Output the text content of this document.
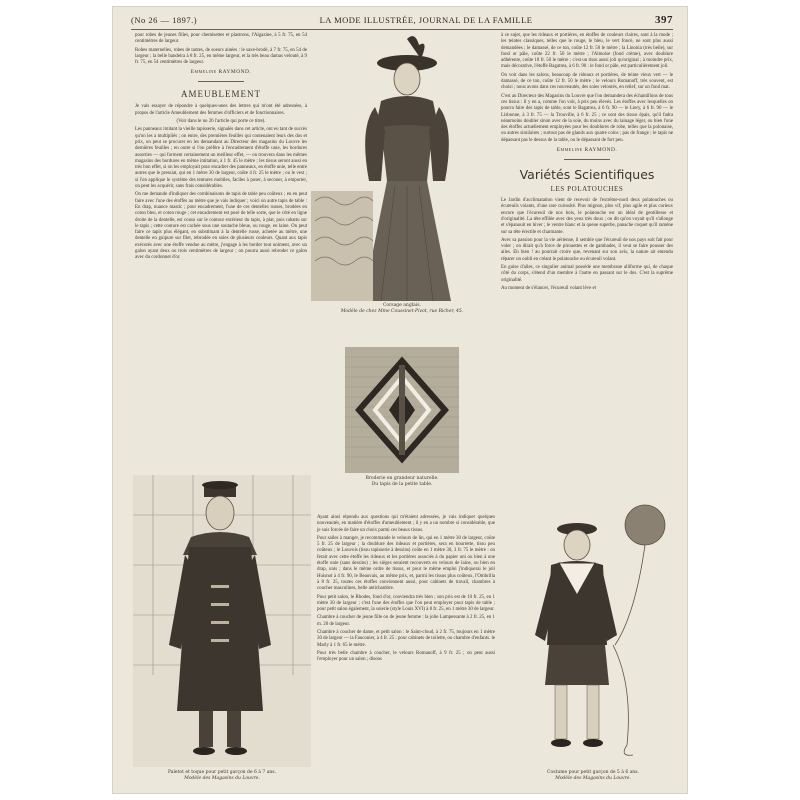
(No 26 — 1897.)	LA MODE ILLUSTRÉE, JOURNAL DE LA FAMILLE	397

pour robes de jeunes filles, pour chemisettes et plastrons, l'Algazine, à 5 fr. 75, en 54 centimètres de largeur.

Robes maternelles, robes de tantes, de soeurs ainées : le saxe-brodé, à 7 fr. 75, en 54 de largeur ; la belle bandeira à 8 fr. 25, en même largeur, et la très beau damas velouté, à 9 fr. 75, en 54 centimètres de largeur.

Emmeline RAYMOND.
AMEUBLEMENT

Je vais essayer de répondre à quelques-unes des lettres qui m'ont été adressées, à propos de l'article Ameublement des femmes d'officiers et de fonctionnaires.

(Voir dans le no 26 l'article qui porte ce titre).

Les panneaux imitant la vieille tapisserie, signalés dans cet article, ont eu tant de succès qu'on les a multipliés ; on entre, des premières feuilles qui contenaient leurs des dos et prix, on peut se procurer en les demandant au Directeur des magasins du Louvre les dernières feuilles ; en outre si l'on préfère à l'encadrement d'étoffe unie, les bordures assorties — qui forment certainement un meilleur effet, — on trouvera dans les mêmes magasins des bordures en même imitation, à 1 fr. 45 le mètre ; les tissus seront aussi en très bon effet, si on les employait pour encadrer des panneaux, en étoffe unie, telle entre autres que le pressiat, qui en 1 mètre 30 de largeur, coûte 4 fr. 25 le mètre ; ou le vest ; si l'on applique le système des tentures mobiles, faciles à poser, à secouer, à emporter, on peut les acquérir, sans frais considérables.

On me demande d'indiquer des combinaisons de tapis de table peu coûteux ; en en peut faire avec l'une des étoffes au mètre que je vais indiquer ; voici un autre tapis de table : En drap, nuance mastic ; pour encadrement, l'une de ces dentelles russes, brodées en coton bleu, et coton rouge ; cet encadrement est posé de telle sorte, que le côté en ligne droite de la dentelle, est cousu sur le contour extérieur du tapis, à plat, puis rabattu sur le tapis ; cette couture est cachée sous une soutache bleue, ou rouge, en laine. On peut faire ce tapis plus élégant, en substituant à la dentelle russe, achetée au mètre, une dentelle en guipure sur filet, rebrodée en soies de plusieurs couleurs. Quant aux tapis exécutés avec une étoffe vendue au mètre, j'engage à les border tout uniment, avec un galon ayant deux ou trois centimètres de largeur ; on pourra aussi rebroder ce galon avec du cordonnet d'or.

Paletot et toque pour petit garçon de 6 à 7 ans.
Modèle des Magasins du Louvre.
Corsage anglais.
Modèle de chez Mme Coussinet-Pivot, rue Richer, 45.
Broderie en grandeur naturelle.
Du tapis de la petite table.

Ayant ainsi répondu aux questions qui m'étaient adressées, je vais indiquer quelques nouveautés, en matière d'étoffes d'ameublement ; il y en a un nombre si considérable, que je suis forcée de faire un choix parmi ces beaux tissus.

Pour salles à manger, je recommande le velours de lin, qui en 1 mètre 30 de largeur, coûte 5 fr. 25 de largeur ; la doublure des rideaux et portières, sera en bourrette, tissu peu coûteux ; le Louvois (tissu tapisserie à dessins) coûte en 1 mètre 30, 3 fr. 75 le mètre : on ferait avec cette étoffe les rideaux et les portières associés à du papier uni ou bien à une étoffe unie (sans dessins) ; les sièges seraient recouverts en velours de laine, ou bien en drap, unis ; dans le même ordre de tissus, et pour le même emploi j'indiquerai le joli Huisnot à 4 fr. 90, le Beauvais, au même prix, et, parmi les tissus plus coûteux, l'Ombrilla à 8 fr. 25, toutes ces étoffes conviennent aussi, pour cabinets de travail, chambres à coucher masculines, belle antichambre.

Pour petit salon, le Rhodes, fond d'or, conviendra très bien ; son prix est de 10 fr. 25, en 1 mètre 30 de largeur ; c'est l'une des étoffes que l'on peut employer pour tapis de table ; pour petit salon également, la soierie (style Louis XVI) à 8 fr. 25, en 1 mètre 30 de largeur.

Chambre à coucher de jeune fille ou de jeune femme : la jolie Lampessante à 2 fr. 25, en 1 m. 20 de largeur.

Chambre à coucher de dame, et petit salon : le Saint-cloud, à 2 fr. 75, toujours en 1 mètre 30 de largeur — la Fauconier, à 4 fr. 25 : pour cabinets de toilette, ou chambre d'enfants. le Marly à 1 fr. 65 le mètre.

Pour très belle chambre à coucher, le velours Romanoff, à 9 fr. 25 ; on peut aussi l'employer pour un salon ; disons

à ce sujet, que les rideaux et portières, en étoffes de couleurs claires, sont à la mode ; les teintes classiques, telles que le rouge, le bleu, le vert foncé, ne sont plus aussi demandées ; le damassé, de ce ton, coûte 12 fr. 50 le mètre ; la Linonia (très belle), sur fond or pâle, coûte 22 fr. 50 le mètre ; l'Almoise (fond crème), avec doublure adhérente, coûte 18 fr. 50 le mètre ; c'est un tissu aussi joli qu'original ; à moindre prix, mais décorative, l'étoffe Bagatrea, à 6 fr. 90 : le fond or pâle, est particulièrement joli.

On voit dans les salons, beaucoup de rideaux et portières, de teinte vieux vert — le damassé, de ce ton, coûte 12 fr. 50 le mètre ; le velours Romanoff, très souvent, est choisi ; nous avons dans ces nouveautés, des soies veloutés, en relief, sur un fond mat.

C'est au Directeur des Magasins du Louvre que l'on demandera des échantillons de tous ces tissus : il y en a, comme l'on voit, à prix peu élevés. Les étoffes avec lesquelles on pourra faire des tapis de table, sont le Bagatrea, à 6 fr. 90 — le Liery, à 6 fr. 90 — le Lisbonne, à 3 fr. 75 — la Trouville, à 6 fr. 25 ; ce sont des tissus épais, qu'il fadra néanmoins doubler sinon avec de la soie, du moins avec du lainage léger, ou bien l'une des étoffes actuellement employées pour les doublures de robe, telles que la polonaise, ou autres similaires ; surtout pas de glands aux quatre coins ; pas de frange ; le tapis ne dépassant pas le dessus de la table, ou le dépassant de fort peu.

Emmeline RAYMOND.
Variétés Scientifiques
LES POLATOUCHES

Le Jardin d'acclimatation vient de recevoir de l'extrême-nord deux polatouches ou écureuils volants, d'une rare curiosité. Plus mignon, plus vif, plus agile et plus curieux encore que l'écureuil de nos bois, le polatouche est un idéal de gentillesse et d'originalité. La tête effilée avec des yeux très doux ; on dit qu'on voyait qu'il s'allonge et s'épanouit en hiver ; le ventre blanc et la queue superbe, panache coquet qu'il ramène sur sa tête érectile et charmante.

Avec sa passion pour la vie aérienne, il semble que l'écureuil de nos pays soit fait pour voler ; on dirait qu'à force de pirouettes et de gambades, il veut se faire pousser des ailes. Eh bien ! au pourrait croire que, revenant sur son avis, la nature ait entendu réparer un oubli en créant le polatouche ou écureuil volant.

En guise d'ailes, ce singulier animal possède une membrane alliforme qui, de chaque côté du corps, s'étend d'un membre à l'autre en passant sur le dos. C'est la suprême originalité.

Au moment de s'élancer, l'écureuil volant lève et

Costume pour petit garçon de 5 à 6 ans.
Modèle des Magasins du Louvre.
